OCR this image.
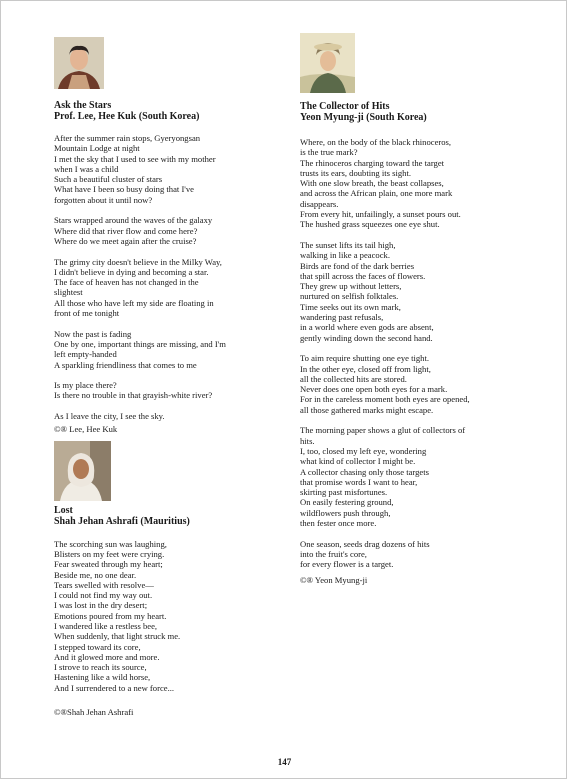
Ask the Stars

Prof. Lee, Hee Kuk (South Korea)

After the summer rain stops, Gyeryongsan
Mountain Lodge at night
I met the sky that I used to see with my mother
when I was a child
Such a beautiful cluster of stars
What have I been so busy doing that I've
forgotten about it until now?
Stars wrapped around the waves of the galaxy
Where did that river flow and come here?
Where do we meet again after the cruise?
The grimy city doesn't believe in the Milky Way,
I didn't believe in dying and becoming a star.
The face of heaven has not changed in the
slightest
All those who have left my side are floating in
front of me tonight
Now the past is fading
One by one, important things are missing, and I'm
left empty-handed
A sparkling friendliness that comes to me
Is my place there?
Is there no trouble in that grayish-white river?
As I leave the city, I see the sky.

©® Lee, Hee Kuk

Lost

Shah Jehan Ashrafi (Mauritius)

The scorching sun was laughing,
Blisters on my feet were crying.
Fear sweated through my heart;
Beside me, no one dear.
Tears swelled with resolve—
I could not find my way out.
I was lost in the dry desert;
Emotions poured from my heart.
I wandered like a restless bee,
When suddenly, that light struck me.
I stepped toward its core,
And it glowed more and more.
I strove to reach its source,
Hastening like a wild horse,
And I surrendered to a new force...

©®Shah Jehan Ashrafi

The Collector of Hits

Yeon Myung-ji (South Korea)

Where, on the body of the black rhinoceros,
is the true mark?
The rhinoceros charging toward the target
trusts its ears, doubting its sight.
With one slow breath, the beast collapses,
and across the African plain, one more mark
disappears.
From every hit, unfailingly, a sunset pours out.
The hushed grass squeezes one eye shut.
The sunset lifts its tail high,
walking in like a peacock.
Birds are fond of the dark berries
that spill across the faces of flowers.
They grew up without letters,
nurtured on selfish folktales.
Time seeks out its own mark,
wandering past refusals,
in a world where even gods are absent,
gently winding down the second hand.
To aim require shutting one eye tight.
In the other eye, closed off from light,
all the collected hits are stored.
Never does one open both eyes for a mark.
For in the careless moment both eyes are opened,
all those gathered marks might escape.
The morning paper shows a glut of collectors of
hits.
I, too, closed my left eye, wondering
what kind of collector I might be.
A collector chasing only those targets
that promise words I want to hear,
skirting past misfortunes.
On easily festering ground,
wildflowers push through,
then fester once more.
One season, seeds drag dozens of hits
into the fruit's core,
for every flower is a target.

©® Yeon Myung-ji

147
